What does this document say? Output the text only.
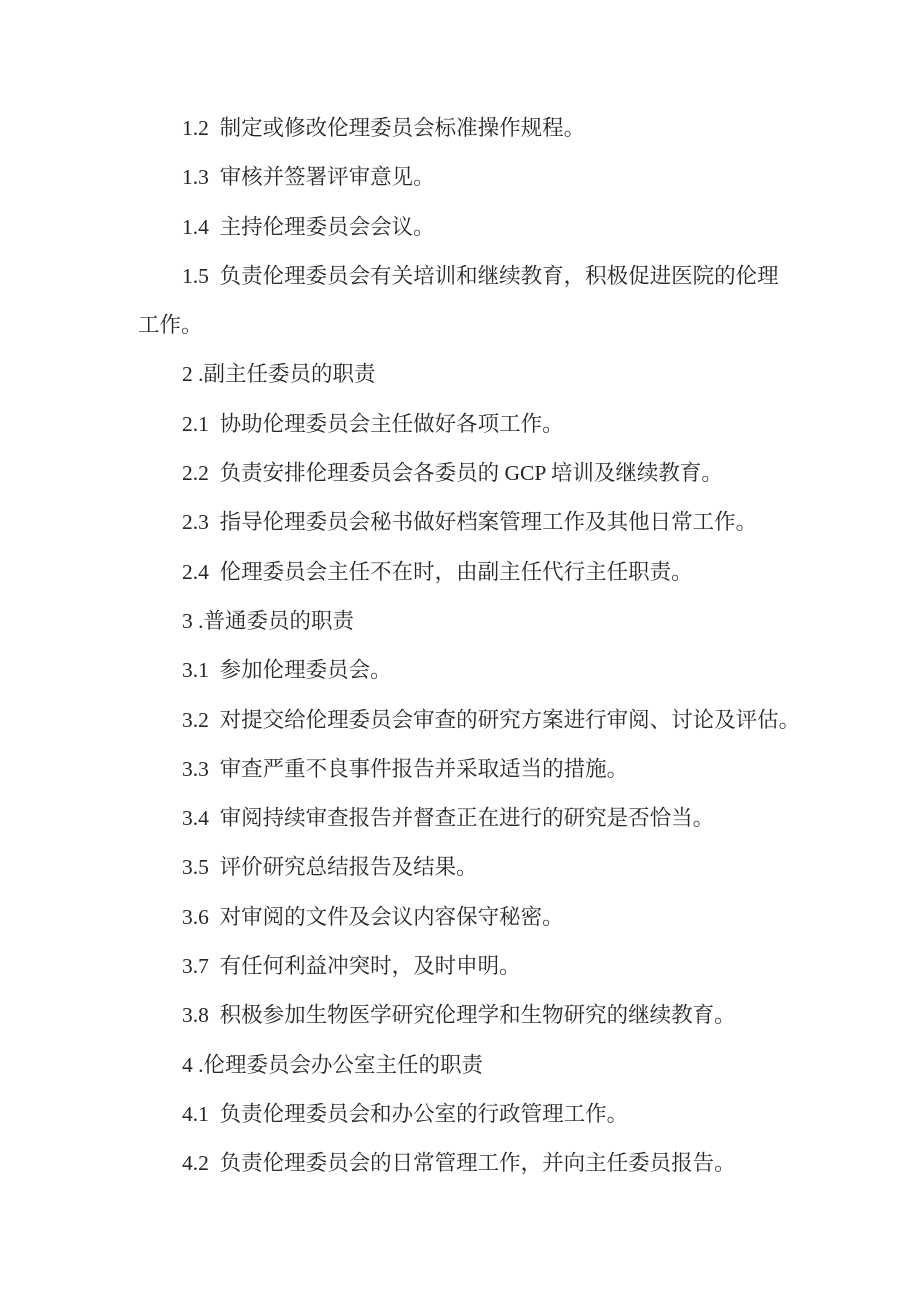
1.2  制定或修改伦理委员会标准操作规程。
1.3  审核并签署评审意见。
1.4  主持伦理委员会会议。
1.5  负责伦理委员会有关培训和继续教育，积极促进医院的伦理
工作。
2 .副主任委员的职责
2.1  协助伦理委员会主任做好各项工作。
2.2  负责安排伦理委员会各委员的 GCP 培训及继续教育。
2.3  指导伦理委员会秘书做好档案管理工作及其他日常工作。
2.4  伦理委员会主任不在时，由副主任代行主任职责。
3 .普通委员的职责
3.1  参加伦理委员会。
3.2  对提交给伦理委员会审查的研究方案进行审阅、讨论及评估。
3.3  审查严重不良事件报告并采取适当的措施。
3.4  审阅持续审查报告并督查正在进行的研究是否恰当。
3.5  评价研究总结报告及结果。
3.6  对审阅的文件及会议内容保守秘密。
3.7  有任何利益冲突时，及时申明。
3.8  积极参加生物医学研究伦理学和生物研究的继续教育。
4 .伦理委员会办公室主任的职责
4.1  负责伦理委员会和办公室的行政管理工作。
4.2  负责伦理委员会的日常管理工作，并向主任委员报告。
